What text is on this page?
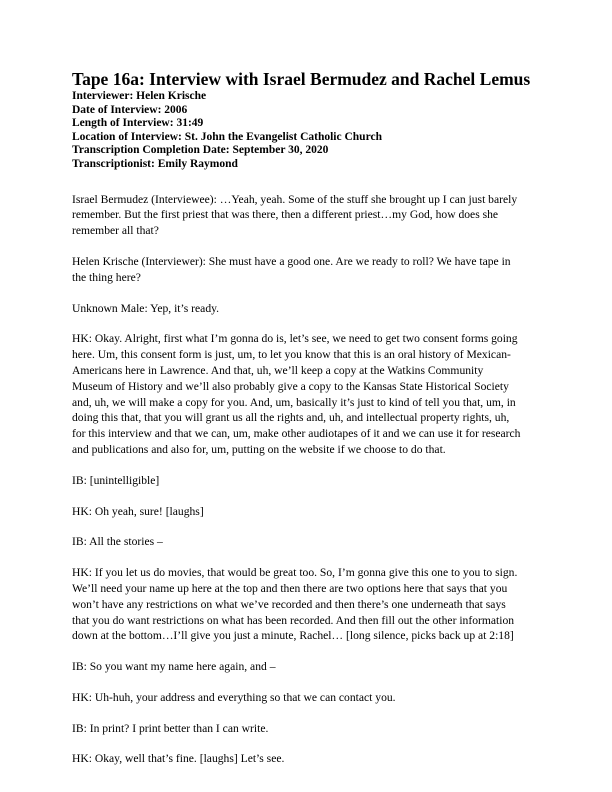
Tape 16a: Interview with Israel Bermudez and Rachel Lemus
Interviewer: Helen Krische
Date of Interview: 2006
Length of Interview: 31:49
Location of Interview: St. John the Evangelist Catholic Church
Transcription Completion Date: September 30, 2020
Transcriptionist: Emily Raymond

Israel Bermudez (Interviewee): …Yeah, yeah. Some of the stuff she brought up I can just barely
remember. But the first priest that was there, then a different priest…my God, how does she
remember all that?

Helen Krische (Interviewer): She must have a good one. Are we ready to roll? We have tape in
the thing here?

Unknown Male: Yep, it’s ready.

HK: Okay. Alright, first what I’m gonna do is, let’s see, we need to get two consent forms going
here. Um, this consent form is just, um, to let you know that this is an oral history of Mexican-
Americans here in Lawrence. And that, uh, we’ll keep a copy at the Watkins Community
Museum of History and we’ll also probably give a copy to the Kansas State Historical Society
and, uh, we will make a copy for you. And, um, basically it’s just to kind of tell you that, um, in
doing this that, that you will grant us all the rights and, uh, and intellectual property rights, uh,
for this interview and that we can, um, make other audiotapes of it and we can use it for research
and publications and also for, um, putting on the website if we choose to do that.

IB: [unintelligible]

HK: Oh yeah, sure! [laughs]

IB: All the stories –

HK: If you let us do movies, that would be great too. So, I’m gonna give this one to you to sign.
We’ll need your name up here at the top and then there are two options here that says that you
won’t have any restrictions on what we’ve recorded and then there’s one underneath that says
that you do want restrictions on what has been recorded. And then fill out the other information
down at the bottom…I’ll give you just a minute, Rachel… [long silence, picks back up at 2:18]

IB: So you want my name here again, and –

HK: Uh-huh, your address and everything so that we can contact you.

IB: In print? I print better than I can write.

HK: Okay, well that’s fine. [laughs] Let’s see.
